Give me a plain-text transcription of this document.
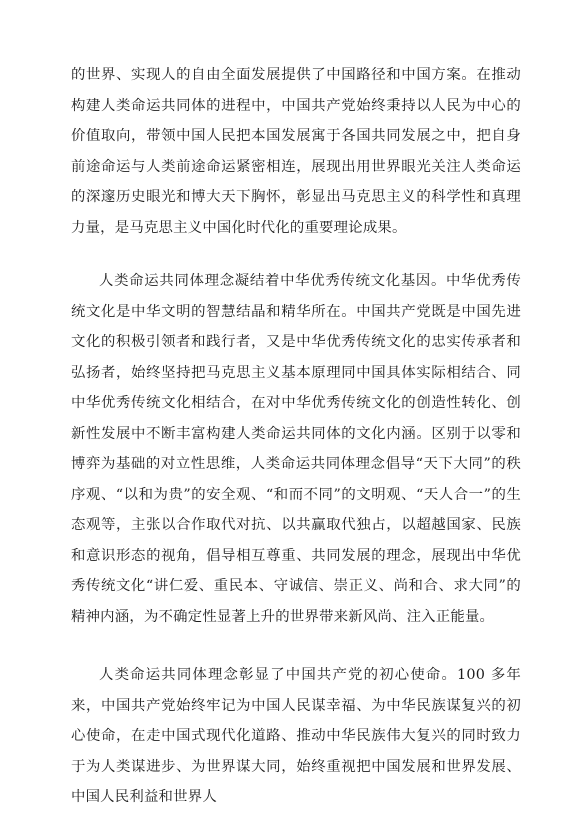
的世界、实现人的自由全面发展提供了中国路径和中国方案。在推动构建人类命运共同体的进程中，中国共产党始终秉持以人民为中心的价值取向，带领中国人民把本国发展寓于各国共同发展之中，把自身前途命运与人类前途命运紧密相连，展现出用世界眼光关注人类命运的深邃历史眼光和博大天下胸怀，彰显出马克思主义的科学性和真理力量，是马克思主义中国化时代化的重要理论成果。

人类命运共同体理念凝结着中华优秀传统文化基因。中华优秀传统文化是中华文明的智慧结晶和精华所在。中国共产党既是中国先进文化的积极引领者和践行者，又是中华优秀传统文化的忠实传承者和弘扬者，始终坚持把马克思主义基本原理同中国具体实际相结合、同中华优秀传统文化相结合，在对中华优秀传统文化的创造性转化、创新性发展中不断丰富构建人类命运共同体的文化内涵。区别于以零和博弈为基础的对立性思维，人类命运共同体理念倡导“天下大同”的秩序观、“以和为贵”的安全观、“和而不同”的文明观、“天人合一”的生态观等，主张以合作取代对抗、以共赢取代独占，以超越国家、民族和意识形态的视角，倡导相互尊重、共同发展的理念，展现出中华优秀传统文化“讲仁爱、重民本、守诚信、崇正义、尚和合、求大同”的精神内涵，为不确定性显著上升的世界带来新风尚、注入正能量。

人类命运共同体理念彰显了中国共产党的初心使命。100 多年来，中国共产党始终牢记为中国人民谋幸福、为中华民族谋复兴的初心使命，在走中国式现代化道路、推动中华民族伟大复兴的同时致力于为人类谋进步、为世界谋大同，始终重视把中国发展和世界发展、中国人民利益和世界人
